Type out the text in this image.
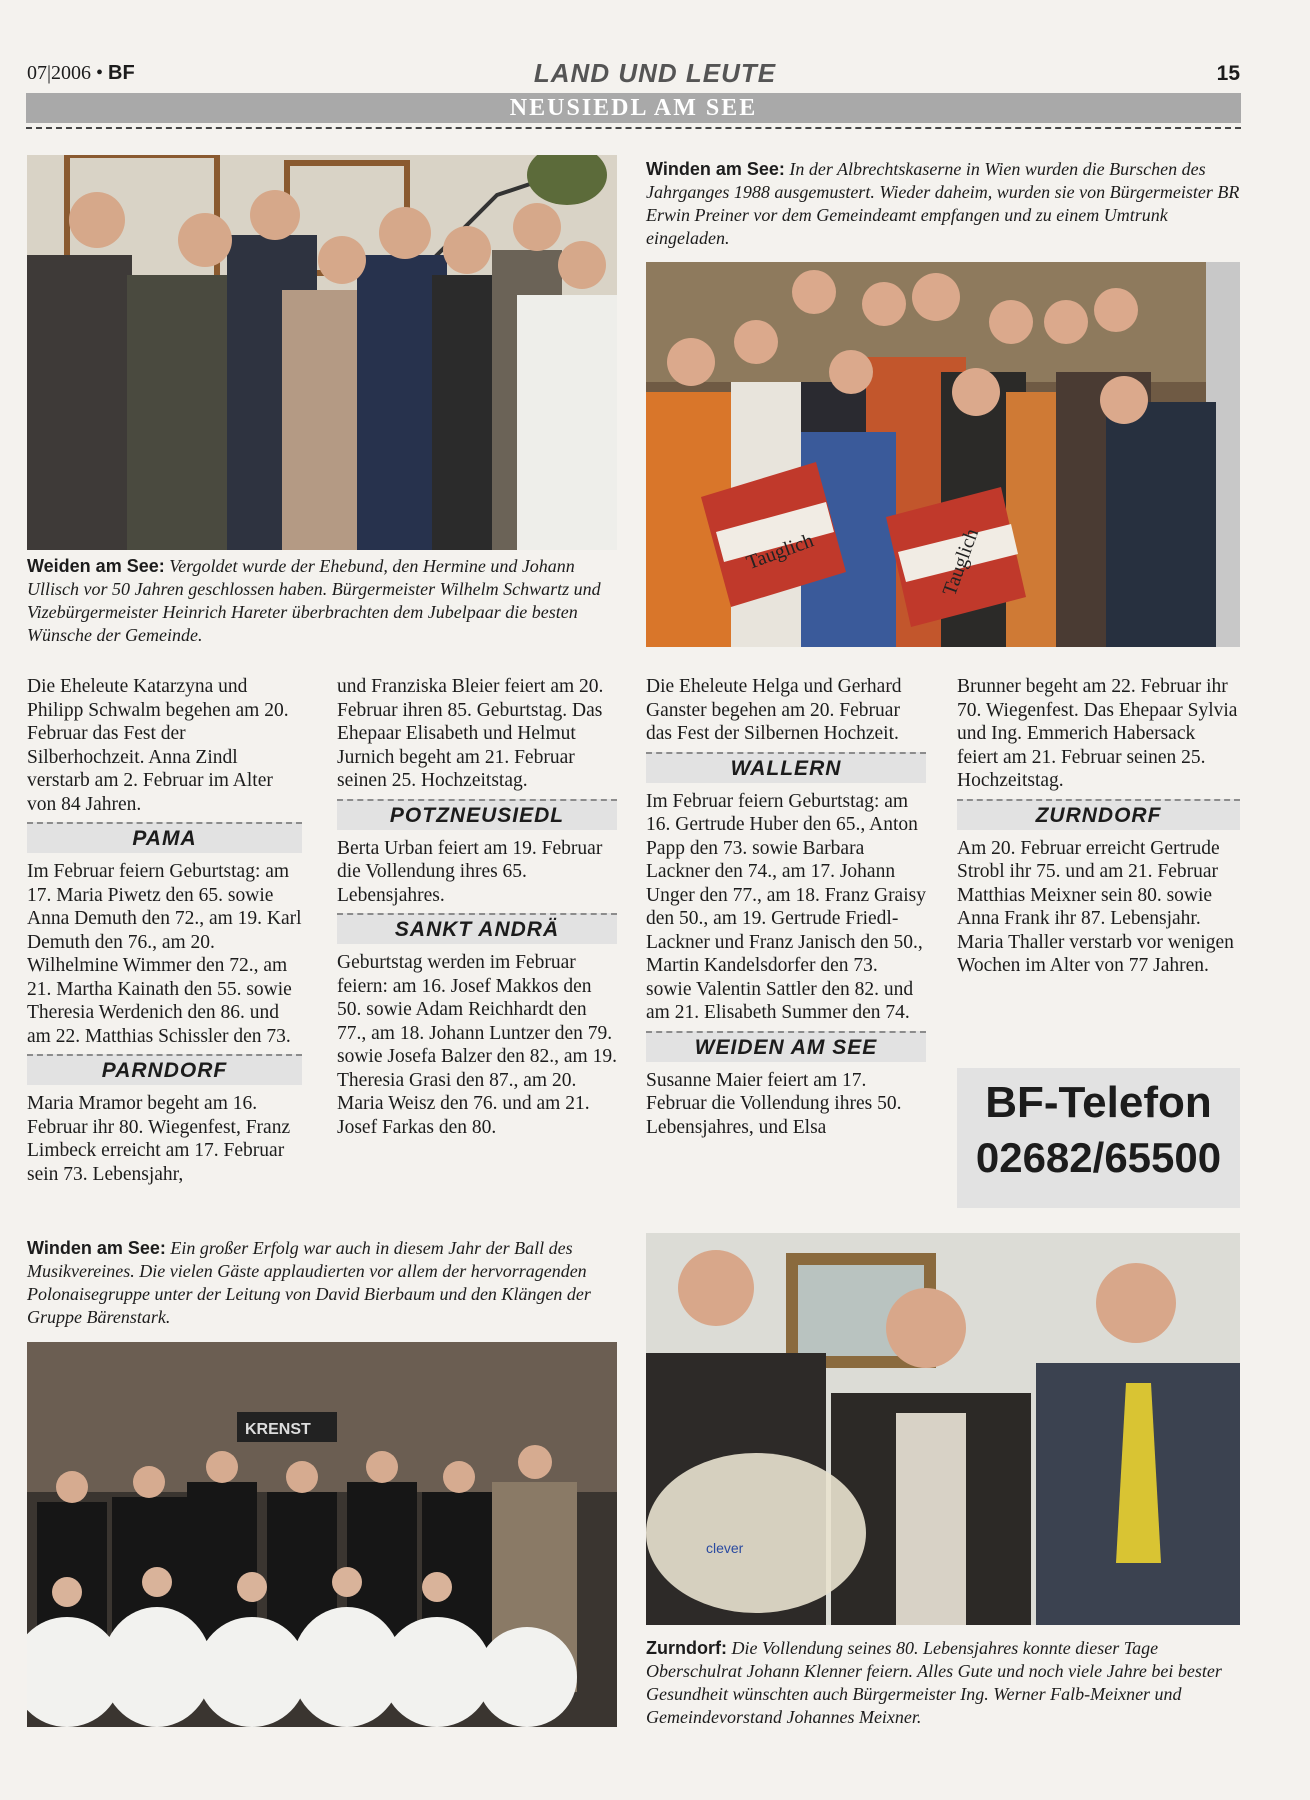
07|2006 • BF	LAND UND LEUTE	15
NEUSIEDL AM SEE
Weiden am See: Vergoldet wurde der Ehebund, den Hermine und Johann Ullisch vor 50 Jahren geschlossen haben. Bürgermeister Wilhelm Schwartz und Vizebürgermeister Heinrich Hareter überbrachten dem Jubelpaar die besten Wünsche der Gemeinde.
Winden am See: In der Albrechtskaserne in Wien wurden die Burschen des Jahrganges 1988 ausgemustert. Wieder daheim, wurden sie von Bürgermeister BR Erwin Preiner vor dem Gemeindeamt empfangen und zu einem Umtrunk eingeladen.
Tauglich	Tauglich

Die Eheleute Katarzyna und Philipp Schwalm begehen am 20. Februar das Fest der Silberhochzeit. Anna Zindl verstarb am 2. Februar im Alter von 84 Jahren.

PAMA

Im Februar feiern Geburtstag: am 17. Maria Piwetz den 65. sowie Anna Demuth den 72., am 19. Karl Demuth den 76., am 20. Wilhelmine Wimmer den 72., am 21. Martha Kainath den 55. sowie Theresia Werdenich den 86. und am 22. Matthias Schissler den 73.

PARNDORF

Maria Mramor begeht am 16. Februar ihr 80. Wiegenfest, Franz Limbeck erreicht am 17. Februar sein 73. Lebensjahr,

und Franziska Bleier feiert am 20. Februar ihren 85. Geburtstag. Das Ehepaar Elisabeth und Helmut Jurnich begeht am 21. Februar seinen 25. Hochzeitstag.

POTZNEUSIEDL

Berta Urban feiert am 19. Februar die Vollendung ihres 65. Lebensjahres.

SANKT ANDRÄ

Geburtstag werden im Februar feiern: am 16. Josef Makkos den 50. sowie Adam Reichhardt den 77., am 18. Johann Luntzer den 79. sowie Josefa Balzer den 82., am 19. Theresia Grasi den 87., am 20. Maria Weisz den 76. und am 21. Josef Farkas den 80.

Die Eheleute Helga und Gerhard Ganster begehen am 20. Februar das Fest der Silbernen Hochzeit.

WALLERN

Im Februar feiern Geburtstag: am 16. Gertrude Huber den 65., Anton Papp den 73. sowie Barbara Lackner den 74., am 17. Johann Unger den 77., am 18. Franz Graisy den 50., am 19. Gertrude Friedl-Lackner und Franz Janisch den 50., Martin Kandelsdorfer den 73. sowie Valentin Sattler den 82. und am 21. Elisabeth Summer den 74.

WEIDEN AM SEE

Susanne Maier feiert am 17. Februar die Vollendung ihres 50. Lebensjahres, und Elsa

Brunner begeht am 22. Februar ihr 70. Wiegenfest. Das Ehepaar Sylvia und Ing. Emmerich Habersack feiert am 21. Februar seinen 25. Hochzeitstag.

ZURNDORF

Am 20. Februar erreicht Gertrude Strobl ihr 75. und am 21. Februar Matthias Meixner sein 80. sowie Anna Frank ihr 87. Lebensjahr. Maria Thaller verstarb vor wenigen Wochen im Alter von 77 Jahren.

BF-Telefon
02682/65500
Winden am See: Ein großer Erfolg war auch in diesem Jahr der Ball des Musikvereines. Die vielen Gäste applaudierten vor allem der hervorragenden Polonaisegruppe unter der Leitung von David Bierbaum und den Klängen der Gruppe Bärenstark.
KRENST
clever
Zurndorf: Die Vollendung seines 80. Lebensjahres konnte dieser Tage Oberschulrat Johann Klenner feiern. Alles Gute und noch viele Jahre bei bester Gesundheit wünschten auch Bürgermeister Ing. Werner Falb-Meixner und Gemeindevorstand Johannes Meixner.
